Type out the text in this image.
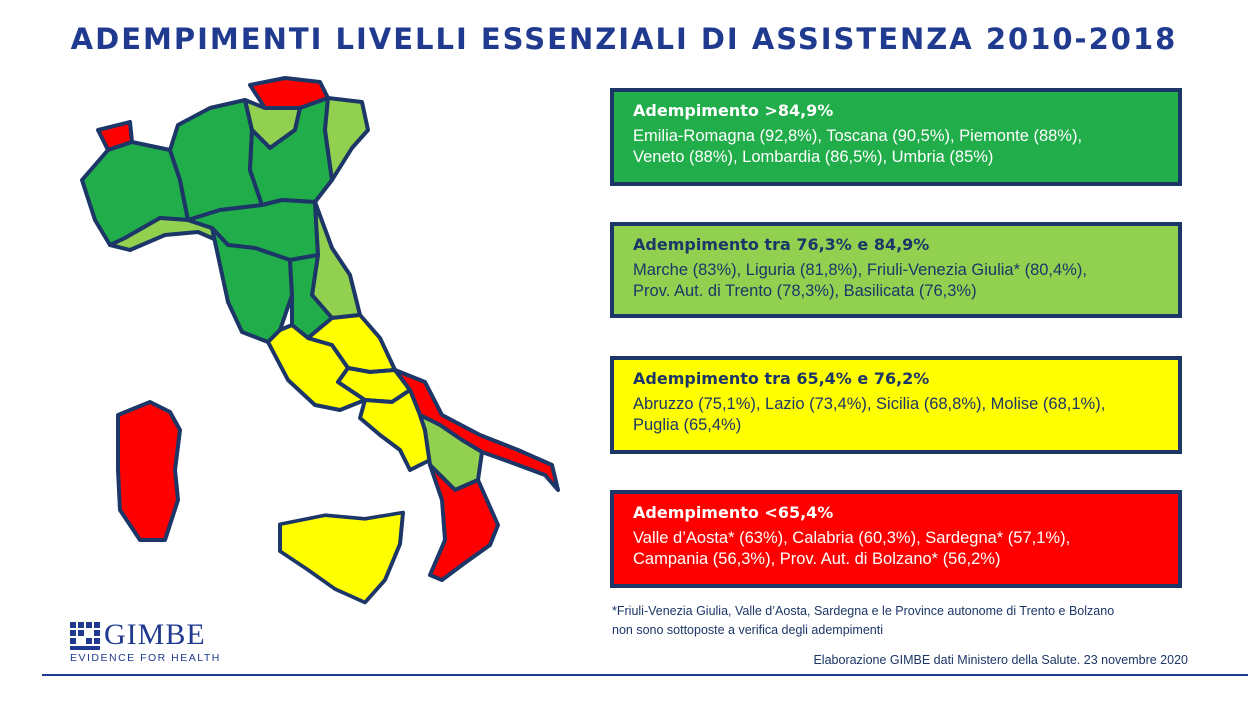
ADEMPIMENTI LIVELLI ESSENZIALI DI ASSISTENZA 2010-2018
Adempimento >84,9%
Emilia-Romagna (92,8%), Toscana (90,5%), Piemonte (88%),
Veneto (88%), Lombardia (86,5%), Umbria (85%)
Adempimento tra 76,3% e 84,9%
Marche (83%), Liguria (81,8%), Friuli-Venezia Giulia* (80,4%),
Prov. Aut. di Trento (78,3%), Basilicata (76,3%)
Adempimento tra 65,4% e 76,2%
Abruzzo (75,1%), Lazio (73,4%), Sicilia (68,8%), Molise (68,1%),
Puglia (65,4%)
Adempimento <65,4%
Valle d’Aosta* (63%), Calabria (60,3%), Sardegna* (57,1%),
Campania (56,3%), Prov. Aut. di Bolzano* (56,2%)
*Friuli-Venezia Giulia, Valle d’Aosta, Sardegna e le Province autonome di Trento e Bolzano
non sono sottoposte a verifica degli adempimenti
Elaborazione GIMBE dati Ministero della Salute. 23 novembre 2020
GIMBE
EVIDENCE FOR HEALTH
